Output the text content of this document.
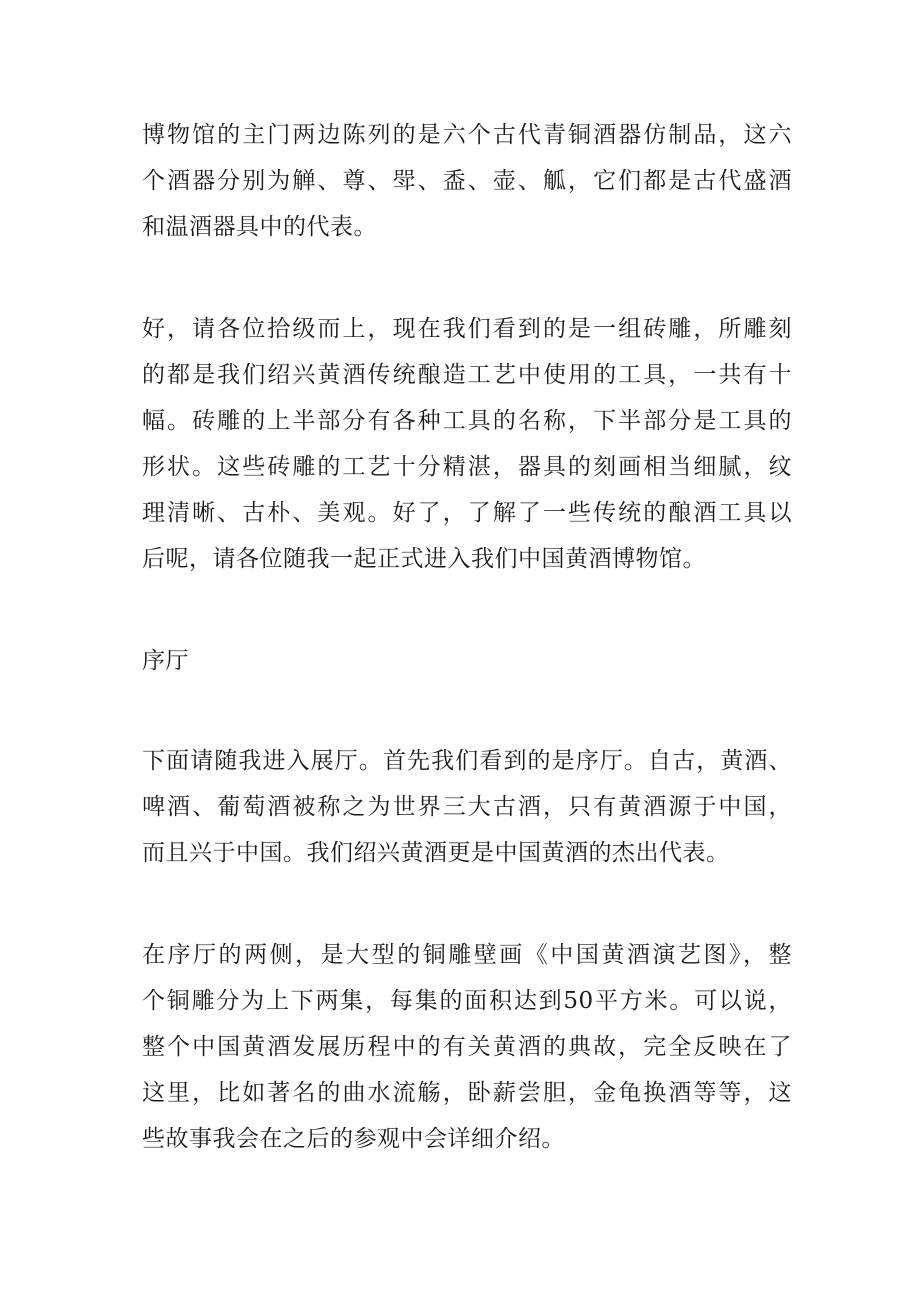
博物馆的主门两边陈列的是六个古代青铜酒器仿制品，这六
个酒器分别为觯、尊、斝、盉、壶、觚，它们都是古代盛酒
和温酒器具中的代表。
好，请各位拾级而上，现在我们看到的是一组砖雕，所雕刻
的都是我们绍兴黄酒传统酿造工艺中使用的工具，一共有十
幅。砖雕的上半部分有各种工具的名称，下半部分是工具的
形状。这些砖雕的工艺十分精湛，器具的刻画相当细腻，纹
理清晰、古朴、美观。好了，了解了一些传统的酿酒工具以
后呢，请各位随我一起正式进入我们中国黄酒博物馆。
序厅
下面请随我进入展厅。首先我们看到的是序厅。自古，黄酒、
啤酒、葡萄酒被称之为世界三大古酒，只有黄酒源于中国，
而且兴于中国。我们绍兴黄酒更是中国黄酒的杰出代表。
在序厅的两侧，是大型的铜雕壁画《中国黄酒演艺图》，整
个铜雕分为上下两集，每集的面积达到50平方米。可以说，
整个中国黄酒发展历程中的有关黄酒的典故，完全反映在了
这里，比如著名的曲水流觞，卧薪尝胆，金龟换酒等等，这
些故事我会在之后的参观中会详细介绍。
